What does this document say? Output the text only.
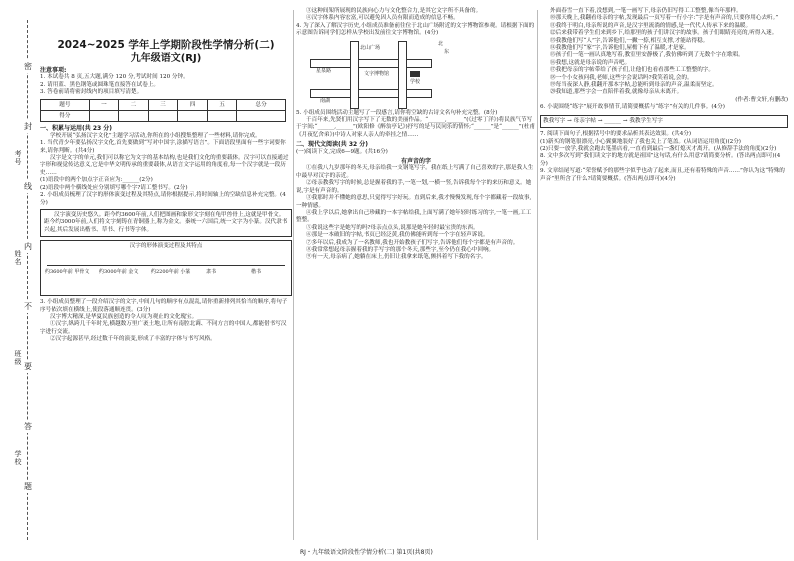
考号
姓名
班级
学校
密
封
线
内
不
要
答
题
2024~2025 学年上学期阶段性学情分析(二)
九年级语文(RJ)
注意事项:

1. 本试卷共 8 页,五大题,满分 120 分,考试时间 120 分钟。

2. 请用蓝、黑色钢笔或圆珠笔直接答在试卷上。

3. 答卷前请将密封线内的项目填写清楚。

题号	一	二	三	四	五	总分
得分						
一、积累与运用(共 23 分)

学校开展“弘扬汉字文化”主题学习活动,你所在的小组搜集整理了一些材料,请你完成。

1. 当代青少年要弘扬汉字文化,首先要做到“写对中国字,涂描写语言”。下面语段里面有一些字词要你来,请你判断。(共4分)

汉字是文字的单元,我们可以称它为文字的基本结构,也是我们文化的重要载体。汉字可以直接通过字形和视觉传达意义,它是中华文明传承的重要载体,从语言文字运用的角度看,每一个汉字就是一段历史……

(1)语段中的两个加点字正音应为:______(2分)

(2)语段中两个横线处应分别填写哪个字?请工整书写。(2分)

2. 小组成员梳理了汉字的形体演变过程及其特点,请你根据提示,将时间轴上的空缺信息补充完整。(4分)

汉字演变历史悠久。距今约3600年前,人们把图画和象形文字刻在龟甲兽骨上,这就是甲骨文。距今约3000年前,人们将文字刻铸在青铜器上,称为金文。秦统一六国后,统一文字为小篆。汉代隶书兴起,其后发展出楷书、草书、行书等字体。

汉字的形体演变过程及其特点
约3600年前 甲骨文 约3000年前 金文	约2200年前 小篆	隶书	楷书

3. 小组成员整理了一段介绍汉字的文字,中间几句的顺序有点混乱,请你重新排列其恰当的顺序,将句子序号依次填在横线上,使段落通顺连贯。(3分)

汉字博大精深,是华夏民族创造的令人叹为观止的文化瑰宝。______

①汉字,纵跨几千年时光,横越数万里广袤土地,让所有南腔北调、不同方言的中国人,都能借书写汉字进行交流。

②汉字起源甚早,经过数千年的演变,形成了丰富的字体与书写风格。

③这种间架所展现的民族向心力与文化整合力,是其它文字所不具备的。

④汉字体系内容宏富,可以避免因人员有限而造成的信息不畅。

4. 为了深入了解汉字历史,小组成员准备前往位于北山广场附近的文字博物馆参观。请根据下面的示意图告诉同学们怎样从学校出发前往文字博物馆。(4分)

北山广场
星泉路	文字博物馆
南湖
学校
北
东

5. 小组成员围绕活动主题写了一段感言,请你将空缺的古诗文名句补充完整。(8分)

千百年来,先贤们用汉字写下了无数的美丽作品。“______,______”(《过零丁洋》)将民族气节写于字间;“______,______”(欧阳修《醉翁亭记》)抒写的是与民同乐的情怀;“______”是“______”(杜甫《月夜忆舍弟》)中诗人对家人亲人的牵挂之情……

二、现代文阅读(共 32 分)

(一)阅读下文,完成6—9题。(共16分)

有声音的字

①在我八九岁那年的冬天,母亲给我一支钢笔写字。我在纸上写满了自己喜欢的字,那是我人生中最早对汉字的亲近。

②母亲教我写字的时候,总是握着我的手,一笔一划,一横一竖,告诉我每个字的来历和意义。她说,字是有声音的。

③我那时并不懂她的意思,只觉得写字好玩。直到后来,我才慢慢发现,每个字都藏着一段故事,一种情感。

④我上学以后,她拿出自己珍藏的一本字帖给我,上面写满了她年轻时练习的字,一笔一画,工工整整。

⑤我说这些字是她写的吗?母亲点点头,说那是她年轻时最宝贵的东西。

⑥那是一本破旧的字帖,书页已经泛黄,我仿佛能听到每一个字在轻声诉说。

⑦多年以后,我成为了一名教师,我也开始教孩子们写字,告诉他们每个字都是有声音的。

⑧我常常想起母亲握着我的手写字的那个冬天,那些字,至今仍在我心中回响。

⑨有一天,母亲病了,她躺在床上,仍旧让我拿来纸笔,颤抖着写下我的名字。

外面春雪一直下着,没想到,一笔一画写下,母亲仍旧写得工工整整,像当年那样。

⑩那天晚上,我翻看母亲的字帖,发现最后一页写着一行小字:“字是有声音的,只要你用心去听。”

⑪我终于明白,母亲所说的声音,是汉字里流淌的情感,是一代代人传承下来的温暖。

⑫后来我带着学生们来到乡下,给那里的孩子们讲汉字的故事。孩子们眼睛亮亮的,听得入迷。

⑬我教他们写“人”字,告诉他们,一撇一捺,相互支撑,才能站得稳。

⑭我教他们写“家”字,告诉他们,屋檐下有了温暖,才是家。

⑮孩子们一笔一画认真地写着,教室里安静极了,我仿佛听到了无数个字在歌唱。

⑯我想,这就是母亲说的声音吧。

⑰我把母亲的字帖带给了孩子们,让他们也看看那些工工整整的字。

⑱一个小女孩问我,老师,这些字会说话吗?我笑着说,会的。

⑲每当夜深人静,我翻开那本字帖,总能听到母亲的声音,温柔而坚定。

⑳我知道,那些字会一直陪伴着我,就像母亲从未离开。

(作者:曹文轩,有删改)

6. 小说围绕“练字”展开故事情节,请简要概括与“练字”有关的几件事。(4分)

教我写字 → 母亲字帖 → ______ → 我教学生写字

7. 阅读下面句子,根据括号中的要求品析其表达效果。(共4分)

(1)新买的钢笔很漂亮,小心翼翼地装好了我也关上了笔盖。(从词语运用角度)(2分)

(2)只要一放学,我就会跑去笔墨店看,一直看到最后一盏灯熄灭才离开。(从修辞手法的角度)(2分)

8. 文中多次写到“我们读文字的地方就是祖国”这句话,有什么用意?请简要分析。(答出两点即可)(4分)

9. 文章结尾写道:“荣誉赋予的那些字似乎也动了起来,而且,还有着特殊的声音……”你认为这“特殊的声音”里所含了什么?请简要概括。(答出两点即可)(4分)

RJ・九年级语文阶段性学情分析(二) 第1页(共8页)
